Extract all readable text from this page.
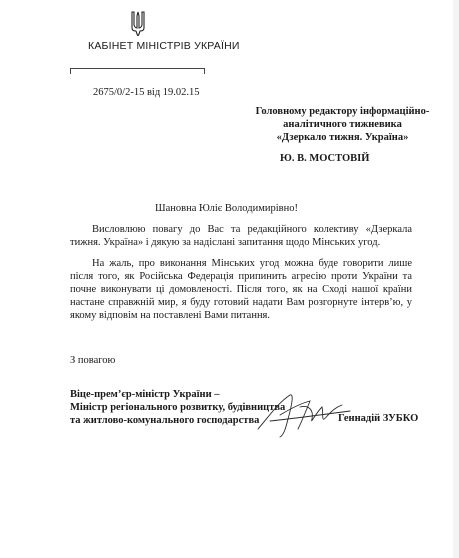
КАБІНЕТ МІНІСТРІВ УКРАЇНИ
2675/0/2-15 від 19.02.15
Головному редактору інформаційно-
аналітичного тижневика
«Дзеркало тижня. Україна»
Ю. В. МОСТОВІЙ
Шановна Юліє Володимирівно!

Висловлюю повагу до Вас та редакційного колективу «Дзеркала тижня. Україна» і дякую за надіслані запитання щодо Мінських угод.

На жаль, про виконання Мінських угод можна буде говорити лише після того, як Російська Федерація припинить агресію проти України та почне виконувати ці домовленості. Після того, як на Сході нашої країни настане справжній мир, я буду готовий надати Вам розгорнуте інтерв’ю, у якому відповім на поставлені Вами питання.

З повагою
Віце-прем’єр-міністр України –
Міністр регіонального розвитку, будівництва
та житлово-комунального господарства	Геннадій ЗУБКО
